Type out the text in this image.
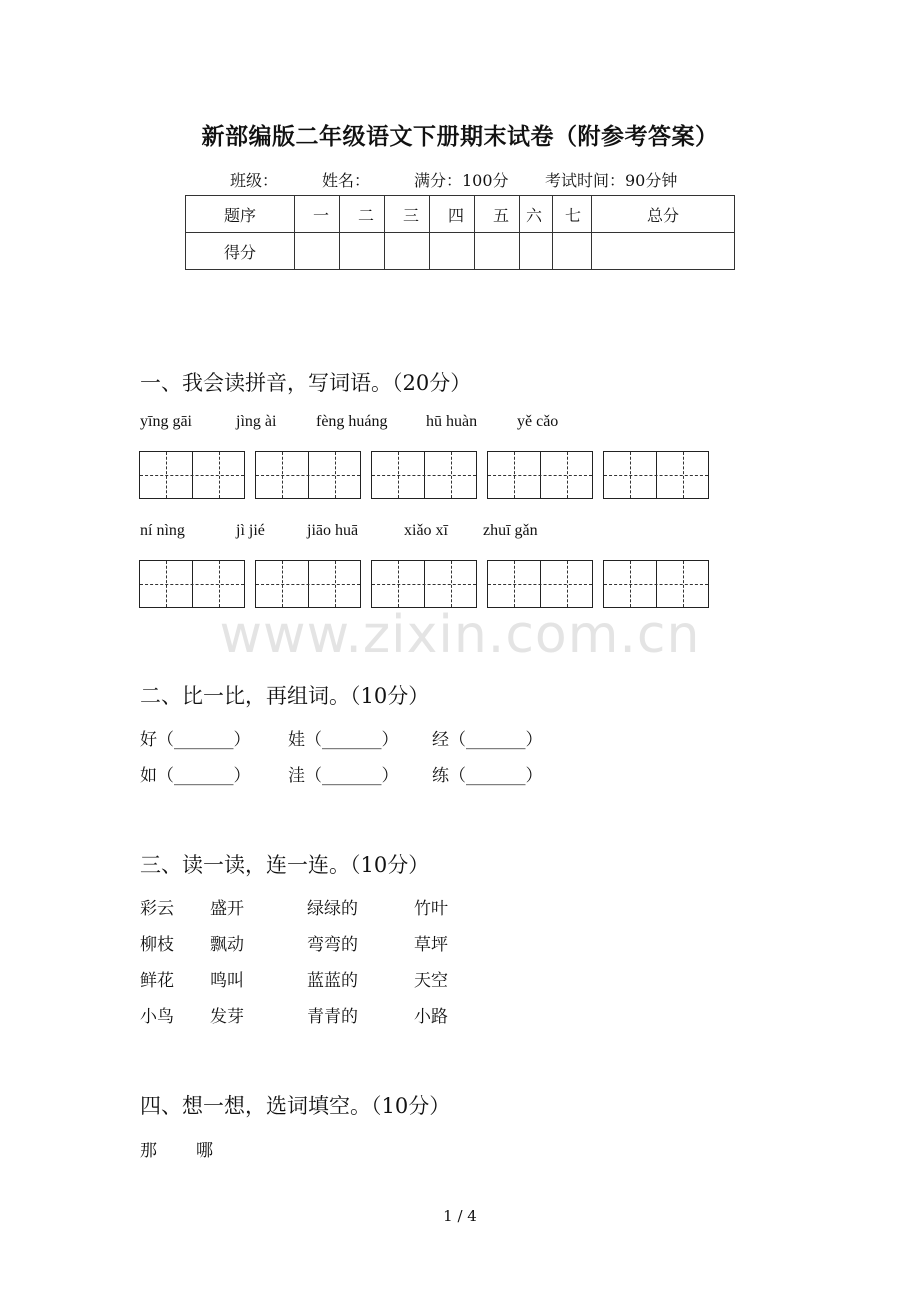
新部编版二年级语文下册期末试卷（附参考答案）
班级：	姓名：	满分：100分 考试时间：90分钟
题序	一	二	三	四	五	六	七	总分
得分								
一、我会读拼音，写词语。（20分）
yīng gāi	jìng ài fèng huáng hū huàn yě cǎo
ní nìng	jì jié	jiāo huā	xiǎo xī zhuī gǎn
www.zixin.com.cn
二、比一比，再组词。（10分）
好（_______） 娃（_______） 经（_______）
如（_______） 洼（_______） 练（_______）
三、读一读，连一连。（10分）
彩云 盛开	绿绿的	竹叶
柳枝 飘动	弯弯的	草坪
鲜花 鸣叫	蓝蓝的	天空
小鸟 发芽	青青的	小路
四、想一想，选词填空。（10分）
那 哪
1 / 4
